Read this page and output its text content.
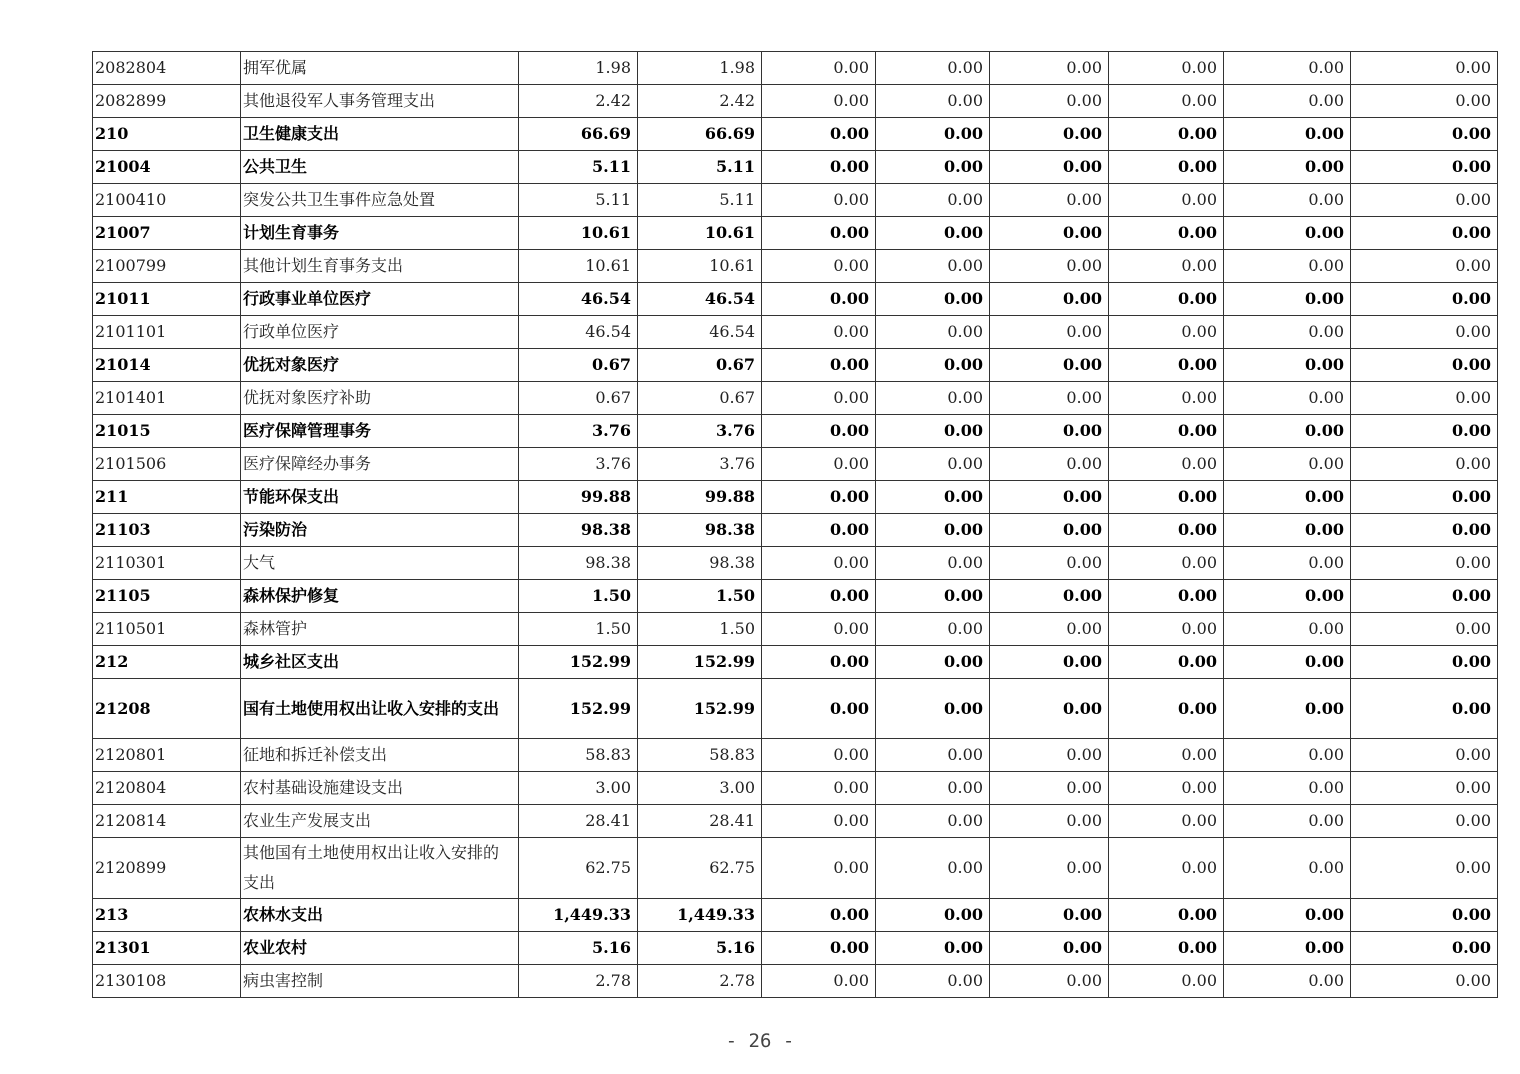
2082804	拥军优属	1.98	1.98	0.00	0.00	0.00	0.00	0.00	0.00
2082899	其他退役军人事务管理支出	2.42	2.42	0.00	0.00	0.00	0.00	0.00	0.00
210	卫生健康支出	66.69	66.69	0.00	0.00	0.00	0.00	0.00	0.00
21004	公共卫生	5.11	5.11	0.00	0.00	0.00	0.00	0.00	0.00
2100410	突发公共卫生事件应急处置	5.11	5.11	0.00	0.00	0.00	0.00	0.00	0.00
21007	计划生育事务	10.61	10.61	0.00	0.00	0.00	0.00	0.00	0.00
2100799	其他计划生育事务支出	10.61	10.61	0.00	0.00	0.00	0.00	0.00	0.00
21011	行政事业单位医疗	46.54	46.54	0.00	0.00	0.00	0.00	0.00	0.00
2101101	行政单位医疗	46.54	46.54	0.00	0.00	0.00	0.00	0.00	0.00
21014	优抚对象医疗	0.67	0.67	0.00	0.00	0.00	0.00	0.00	0.00
2101401	优抚对象医疗补助	0.67	0.67	0.00	0.00	0.00	0.00	0.00	0.00
21015	医疗保障管理事务	3.76	3.76	0.00	0.00	0.00	0.00	0.00	0.00
2101506	医疗保障经办事务	3.76	3.76	0.00	0.00	0.00	0.00	0.00	0.00
211	节能环保支出	99.88	99.88	0.00	0.00	0.00	0.00	0.00	0.00
21103	污染防治	98.38	98.38	0.00	0.00	0.00	0.00	0.00	0.00
2110301	大气	98.38	98.38	0.00	0.00	0.00	0.00	0.00	0.00
21105	森林保护修复	1.50	1.50	0.00	0.00	0.00	0.00	0.00	0.00
2110501	森林管护	1.50	1.50	0.00	0.00	0.00	0.00	0.00	0.00
212	城乡社区支出	152.99	152.99	0.00	0.00	0.00	0.00	0.00	0.00
21208	国有土地使用权出让收入安排的支出	152.99	152.99	0.00	0.00	0.00	0.00	0.00	0.00
2120801	征地和拆迁补偿支出	58.83	58.83	0.00	0.00	0.00	0.00	0.00	0.00
2120804	农村基础设施建设支出	3.00	3.00	0.00	0.00	0.00	0.00	0.00	0.00
2120814	农业生产发展支出	28.41	28.41	0.00	0.00	0.00	0.00	0.00	0.00
2120899	其他国有土地使用权出让收入安排的支出	62.75	62.75	0.00	0.00	0.00	0.00	0.00	0.00
213	农林水支出	1,449.33	1,449.33	0.00	0.00	0.00	0.00	0.00	0.00
21301	农业农村	5.16	5.16	0.00	0.00	0.00	0.00	0.00	0.00
2130108	病虫害控制	2.78	2.78	0.00	0.00	0.00	0.00	0.00	0.00
- 26 -
